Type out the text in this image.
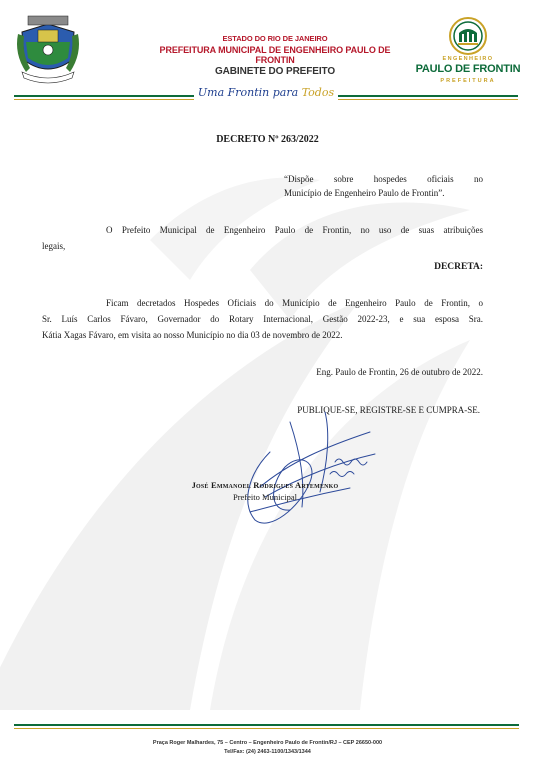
ESTADO DO RIO DE JANEIRO
PREFEITURA MUNICIPAL DE ENGENHEIRO PAULO DE FRONTIN
GABINETE DO PREFEITO
Uma Frontin para Todos
ENGENHEIRO
PAULO DE FRONTIN
PREFEITURA
DECRETO Nº 263/2022
“Dispõe sobre hospedes oficiais no
Município de Engenheiro Paulo de Frontin”.
O Prefeito Municipal de Engenheiro Paulo de Frontin, no uso de suas atribuições
legais,
DECRETA:
Ficam decretados Hospedes Oficiais do Município de Engenheiro Paulo de Frontin, o
Sr. Luís Carlos Fávaro, Governador do Rotary Internacional, Gestão 2022-23, e sua esposa Sra.
Kátia Xagas Fávaro, em visita ao nosso Município no dia 03 de novembro de 2022.
Eng. Paulo de Frontin, 26 de outubro de 2022.
PUBLIQUE-SE, REGISTRE-SE E CUMPRA-SE.
José Emmanoel Rodrigues Artemenko
Prefeito Municipal
Praça Roger Malhardes, 75 – Centro – Engenheiro Paulo de Frontin/RJ – CEP 26650-000
Tel/Fax: (24) 2463-1100/1343/1344
